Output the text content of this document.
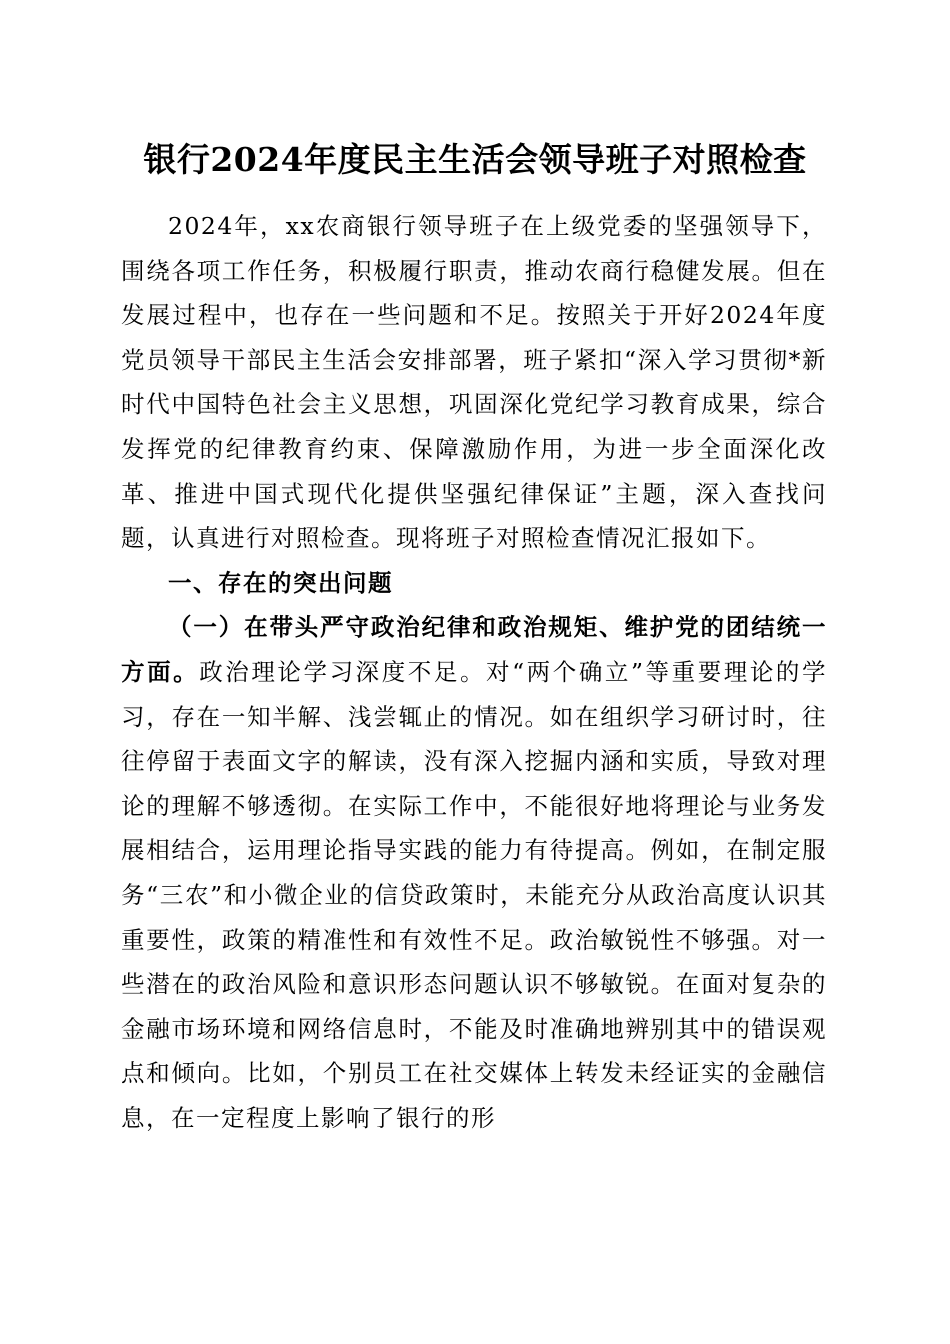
银行2024年度民主生活会领导班子对照检查

2024年，xx农商银行领导班子在上级党委的坚强领导下，围绕各项工作任务，积极履行职责，推动农商行稳健发展。但在发展过程中，也存在一些问题和不足。按照关于开好2024年度党员领导干部民主生活会安排部署，班子紧扣“深入学习贯彻*新时代中国特色社会主义思想，巩固深化党纪学习教育成果，综合发挥党的纪律教育约束、保障激励作用，为进一步全面深化改革、推进中国式现代化提供坚强纪律保证”主题，深入查找问题，认真进行对照检查。现将班子对照检查情况汇报如下。

一、存在的突出问题

（一）在带头严守政治纪律和政治规矩、维护党的团结统一方面。政治理论学习深度不足。对“两个确立”等重要理论的学习，存在一知半解、浅尝辄止的情况。如在组织学习研讨时，往往停留于表面文字的解读，没有深入挖掘内涵和实质，导致对理论的理解不够透彻。在实际工作中，不能很好地将理论与业务发展相结合，运用理论指导实践的能力有待提高。例如，在制定服务“三农”和小微企业的信贷政策时，未能充分从政治高度认识其重要性，政策的精准性和有效性不足。政治敏锐性不够强。对一些潜在的政治风险和意识形态问题认识不够敏锐。在面对复杂的金融市场环境和网络信息时，不能及时准确地辨别其中的错误观点和倾向。比如，个别员工在社交媒体上转发未经证实的金融信息，在一定程度上影响了银行的形
